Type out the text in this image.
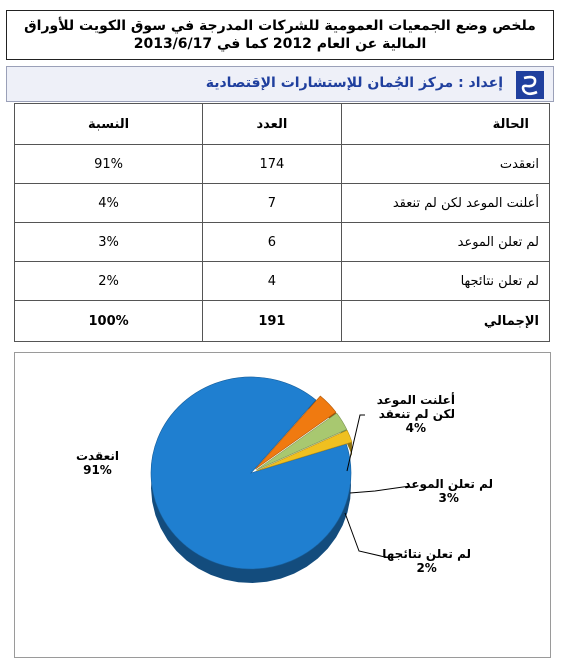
ملخص وضع الجمعيات العمومية للشركات المدرجة في سوق الكويت للأوراق المالية عن العام 2012 كما في 2013/6/17
إعداد : مركز الجُمان للإستشارات الإقتصادية
الحالة	العدد	النسبة
انعقدت	174	91%
أعلنت الموعد لكن لم تنعقد	7	4%
لم تعلن الموعد	6	3%
لم تعلن نتائجها	4	2%
الإجمالي	191	100%
انعقدت
91%
أعلنت الموعد
لكن لم تنعقد
4%
لم تعلن الموعد
3%
لم تعلن نتائجها
2%
